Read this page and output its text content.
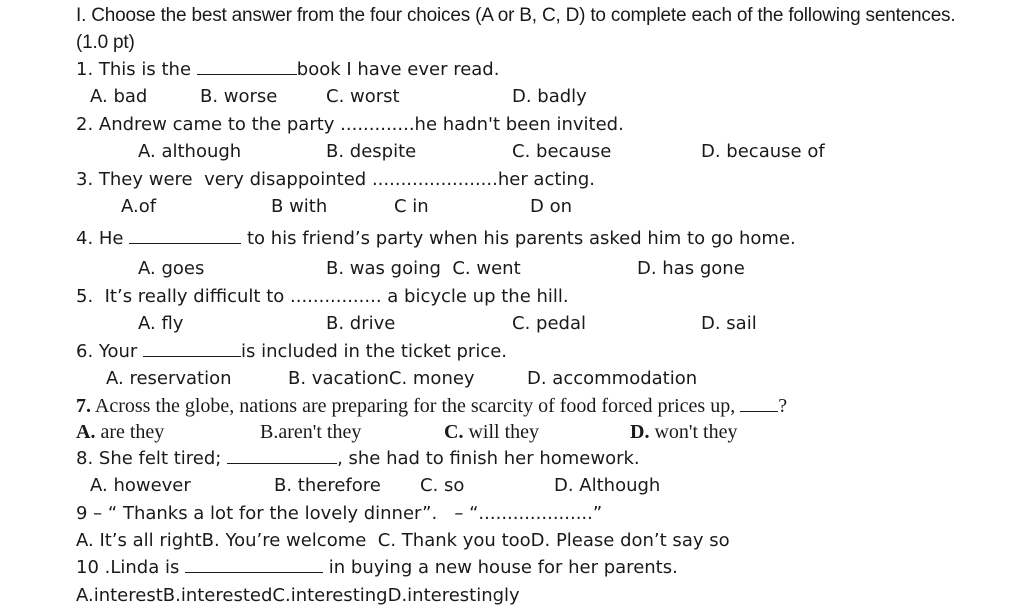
I. Choose the best answer from the four choices (A or B, C, D) to complete each of the following sentences.
(1.0 pt)
1. This is the	book I have ever read.
A. bad	B. worse	C. worst	D. badly
2. Andrew came to the party .............he hadn't been invited.
A. although	B. despite	C. because	D. because of
3. They were  very disappointed ......................her acting.
A.of	B with	C in	D on
4. He	to his friend’s party when his parents asked him to go home.
A. goes	B. was going  C. went	D. has gone
5.  It’s really difficult to ................ a bicycle up the hill.
A. fly	B. drive	C. pedal	D. sail
6. Your	is included in the ticket price.
A. reservation	B. vacationC. money	D. accommodation
7. Across the globe, nations are preparing for the scarcity of food forced prices up, ?
A. are they	B.aren't they	C. will they	D. won't they
8. She felt tired;	, she had to finish her homework.
A. however	B. therefore C. so	D. Although
9 – “ Thanks a lot for the lovely dinner”.   – “....................”
A. It’s all rightB. You’re welcome  C. Thank you tooD. Please don’t say so
10 .Linda is	in buying a new house for her parents.
A.interestB.interestedC.interestingD.interestingly
